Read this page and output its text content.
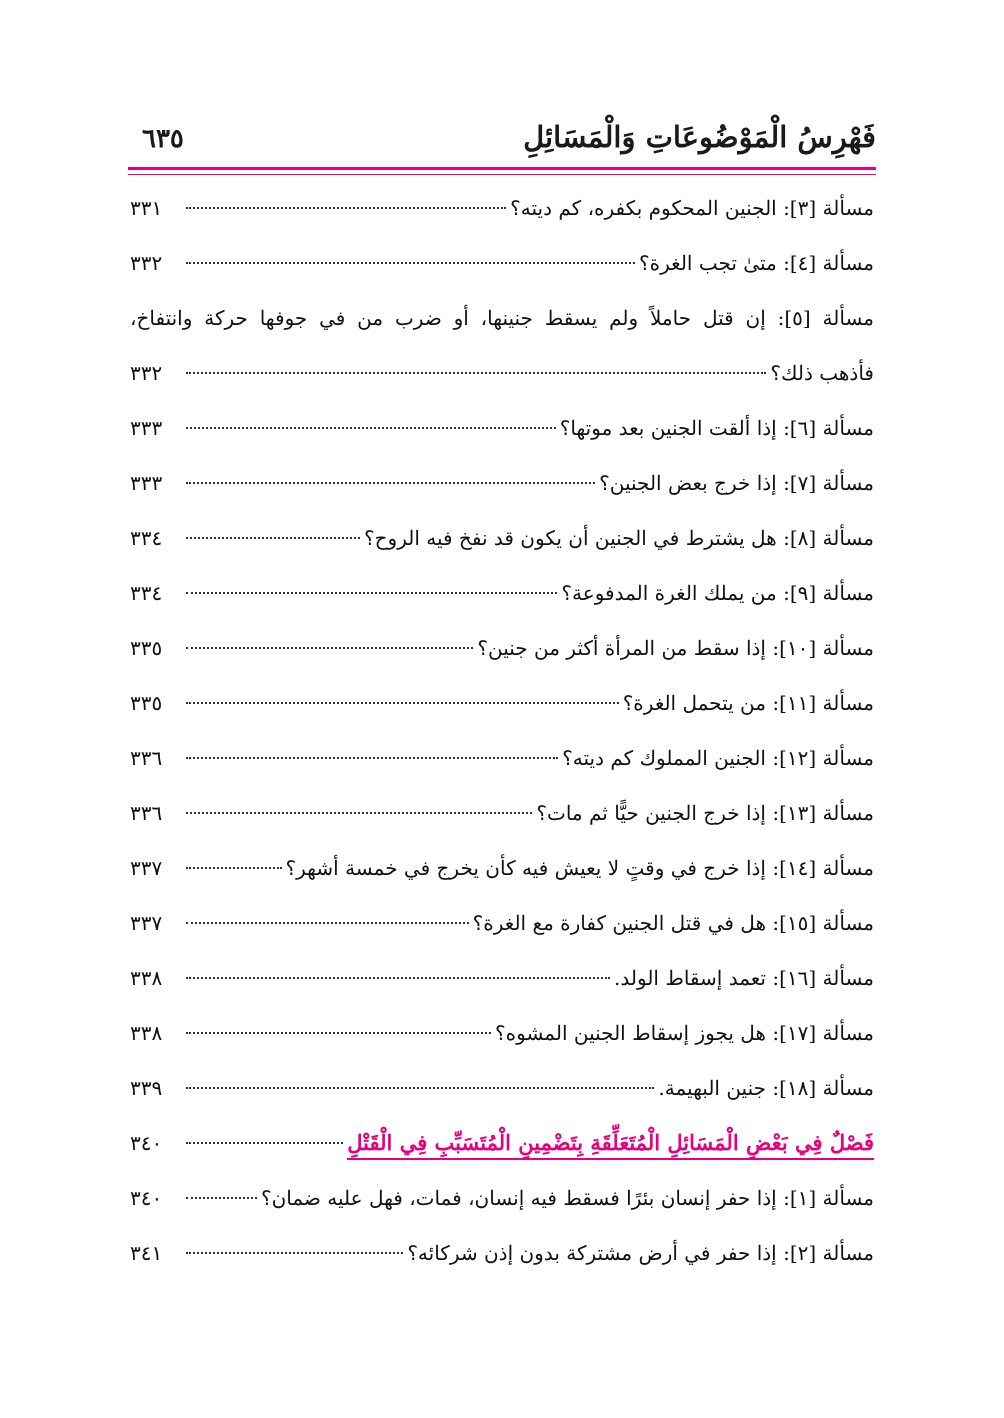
فَهْرِسُ الْمَوْضُوعَاتِ وَالْمَسَائِلِ
٦٣٥
مسألة [٣]: الجنين المحكوم بكفره، كم ديته؟
٣٣١
مسألة [٤]: متىٰ تجب الغرة؟
٣٣٢
مسألة [٥]: إن قتل حاملاً ولم يسقط جنينها، أو ضرب من في جوفها حركة وانتفاخ،
فأذهب ذلك؟
٣٣٢
مسألة [٦]: إذا ألقت الجنين بعد موتها؟
٣٣٣
مسألة [٧]: إذا خرج بعض الجنين؟
٣٣٣
مسألة [٨]: هل يشترط في الجنين أن يكون قد نفخ فيه الروح؟
٣٣٤
مسألة [٩]: من يملك الغرة المدفوعة؟
٣٣٤
مسألة [١٠]: إذا سقط من المرأة أكثر من جنين؟
٣٣٥
مسألة [١١]: من يتحمل الغرة؟
٣٣٥
مسألة [١٢]: الجنين المملوك كم ديته؟
٣٣٦
مسألة [١٣]: إذا خرج الجنين حيًّا ثم مات؟
٣٣٦
مسألة [١٤]: إذا خرج في وقتٍ لا يعيش فيه كأن يخرج في خمسة أشهر؟
٣٣٧
مسألة [١٥]: هل في قتل الجنين كفارة مع الغرة؟
٣٣٧
مسألة [١٦]: تعمد إسقاط الولد.
٣٣٨
مسألة [١٧]: هل يجوز إسقاط الجنين المشوه؟
٣٣٨
مسألة [١٨]: جنين البهيمة.
٣٣٩
فَصْلٌ فِي بَعْضِ الْمَسَائِلِ الْمُتَعَلِّقَةِ بِتَضْمِينِ الْمُتَسَبِّبِ فِي الْقَتْلِ
٣٤٠
مسألة [١]: إذا حفر إنسان بئرًا فسقط فيه إنسان، فمات، فهل عليه ضمان؟
٣٤٠
مسألة [٢]: إذا حفر في أرض مشتركة بدون إذن شركائه؟
٣٤١
